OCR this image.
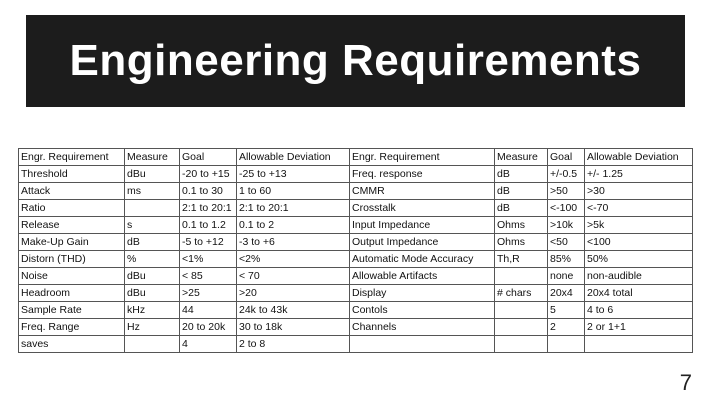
Engineering Requirements
Engr. Requirement	Measure	Goal	Allowable Deviation	Engr. Requirement	Measure	Goal	Allowable Deviation
Threshold	dBu	-20 to +15	-25 to +13	Freq. response	dB	+/-0.5	+/- 1.25
Attack	ms	0.1 to 30	1 to 60	CMMR	dB	>50	>30
Ratio		2:1 to 20:1	2:1 to 20:1	Crosstalk	dB	<-100	<-70
Release	s	0.1 to 1.2	0.1 to 2	Input Impedance	Ohms	>10k	>5k
Make-Up Gain	dB	-5 to +12	-3 to +6	Output Impedance	Ohms	<50	<100
Distorn (THD)	%	<1%	<2%	Automatic Mode Accuracy	Th,R	85%	50%
Noise	dBu	< 85	< 70	Allowable Artifacts		none	non-audible
Headroom	dBu	>25	>20	Display	# chars	20x4	20x4 total
Sample Rate	kHz	44	24k to 43k	Contols		5	4 to 6
Freq. Range	Hz	20 to 20k	30 to 18k	Channels		2	2 or 1+1
saves		4	2 to 8				
7
